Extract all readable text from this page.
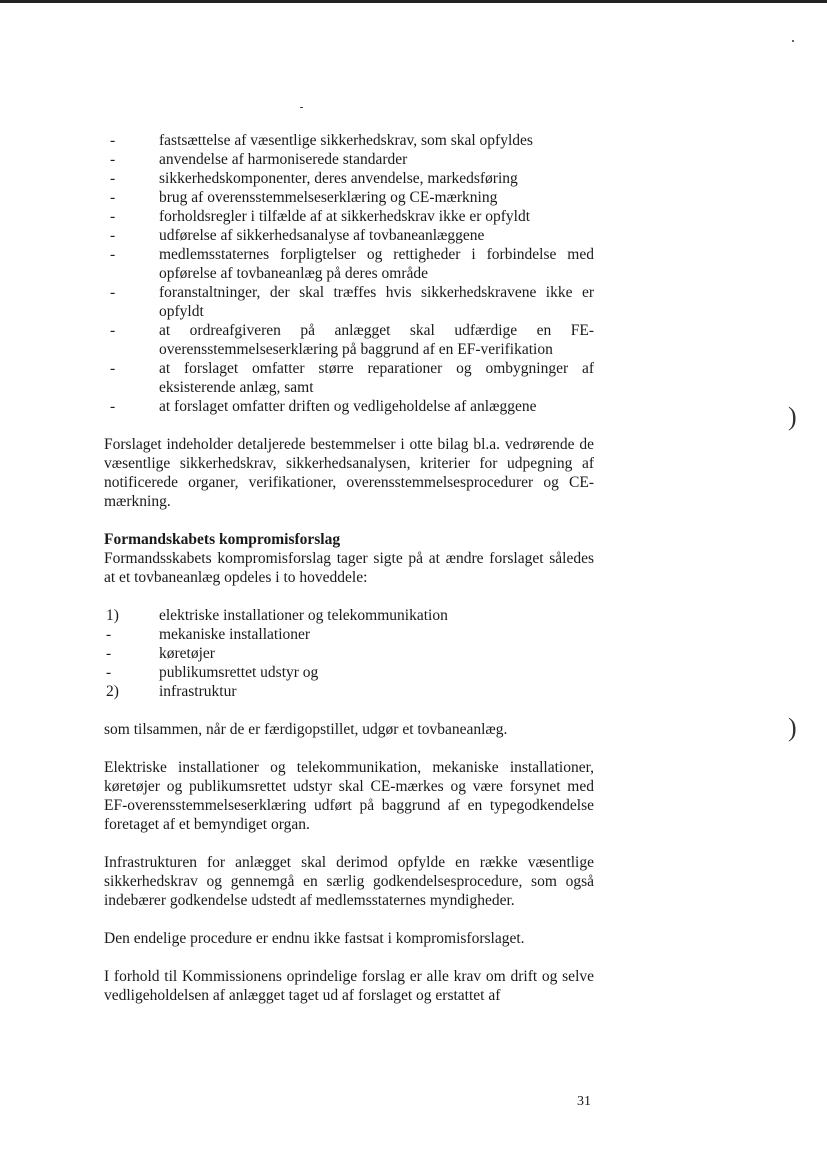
)
)
-	fastsættelse af væsentlige sikkerhedskrav, som skal opfyldes
-	anvendelse af harmoniserede standarder
-	sikkerhedskomponenter, deres anvendelse, markedsføring
-	brug af overensstemmelseserklæring og CE-mærkning
-	forholdsregler i tilfælde af at sikkerhedskrav ikke er opfyldt
-	udførelse af sikkerhedsanalyse af tovbaneanlæggene
-	medlemsstaternes forpligtelser og rettigheder i forbindelse med opførelse af tovbaneanlæg på deres område
-	foranstaltninger, der skal træffes hvis sikkerhedskravene ikke er opfyldt
-	at ordreafgiveren på anlægget skal udfærdige en FE-overensstemmelseserklæring på baggrund af en EF-verifikation
-	at forslaget omfatter større reparationer og ombygninger af eksisterende anlæg, samt
-	at forslaget omfatter driften og vedligeholdelse af anlæggene

Forslaget indeholder detaljerede bestemmelser i otte bilag bl.a. vedrørende de væsentlige sikkerhedskrav, sikkerhedsanalysen, kriterier for udpegning af notificerede organer, verifikationer, overensstemmelsesprocedurer og CE- mærkning.

Formandskabets kompromisforslag

Formandsskabets kompromisforslag tager sigte på at ændre forslaget således at et tovbaneanlæg opdeles i to hoveddele:

1)	elektriske installationer og telekommunikation
-	mekaniske installationer
-	køretøjer
-	publikumsrettet udstyr og
2)	infrastruktur

som tilsammen, når de er færdigopstillet, udgør et tovbaneanlæg.

Elektriske installationer og telekommunikation, mekaniske installationer, køretøjer og publikumsrettet udstyr skal CE-mærkes og være forsynet med EF-overensstemmelseserklæring udført på baggrund af en typegodkendelse foretaget af et bemyndiget organ.

Infrastrukturen for anlægget skal derimod opfylde en række væsentlige sikkerhedskrav og gennemgå en særlig godkendelsesprocedure, som også indebærer godkendelse udstedt af medlemsstaternes myndigheder.

Den endelige procedure er endnu ikke fastsat i kompromisforslaget.

I forhold til Kommissionens oprindelige forslag er alle krav om drift og selve vedligeholdelsen af anlægget taget ud af forslaget og erstattet af

31
